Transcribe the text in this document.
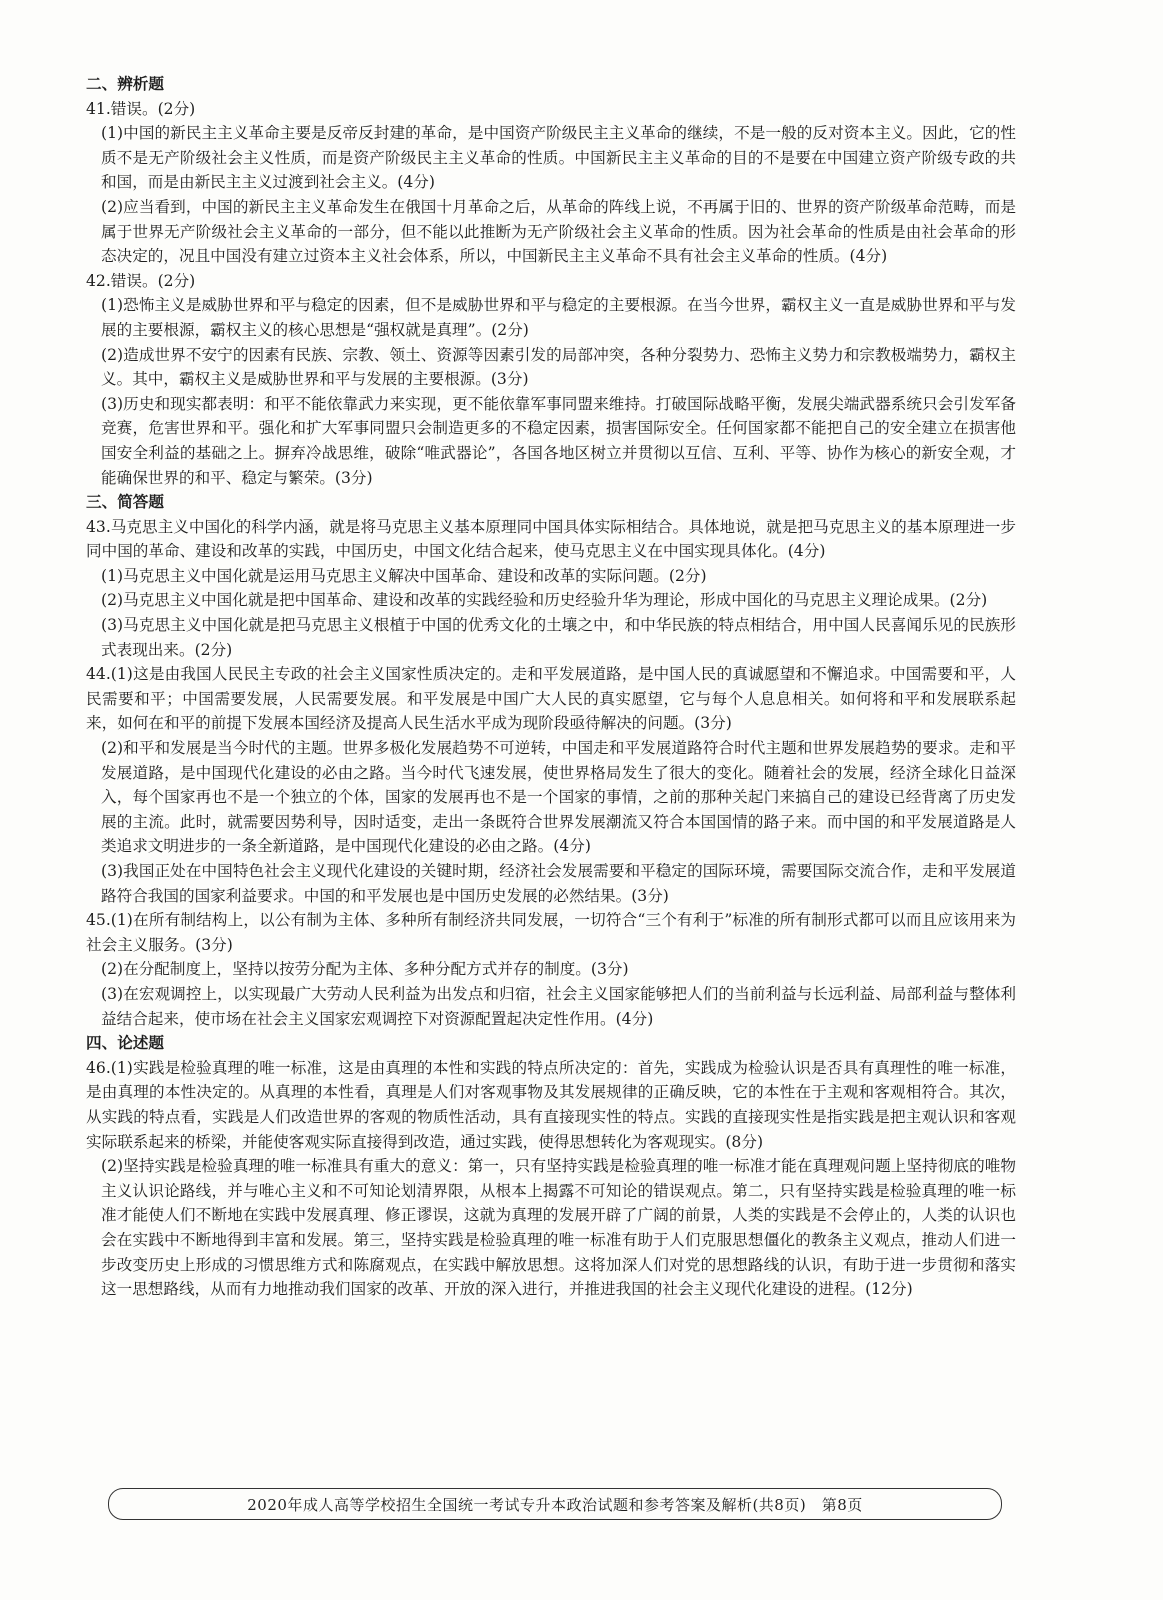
二、辨析题
41.错误。(2分)
(1)中国的新民主主义革命主要是反帝反封建的革命，是中国资产阶级民主主义革命的继续，不是一般的反对资本主义。因此，它的性质不是无产阶级社会主义性质，而是资产阶级民主主义革命的性质。中国新民主主义革命的目的不是要在中国建立资产阶级专政的共和国，而是由新民主主义过渡到社会主义。(4分)
(2)应当看到，中国的新民主主义革命发生在俄国十月革命之后，从革命的阵线上说，不再属于旧的、世界的资产阶级革命范畴，而是属于世界无产阶级社会主义革命的一部分，但不能以此推断为无产阶级社会主义革命的性质。因为社会革命的性质是由社会革命的形态决定的，况且中国没有建立过资本主义社会体系，所以，中国新民主主义革命不具有社会主义革命的性质。(4分)
42.错误。(2分)
(1)恐怖主义是威胁世界和平与稳定的因素，但不是威胁世界和平与稳定的主要根源。在当今世界，霸权主义一直是威胁世界和平与发展的主要根源，霸权主义的核心思想是“强权就是真理”。(2分)
(2)造成世界不安宁的因素有民族、宗教、领土、资源等因素引发的局部冲突，各种分裂势力、恐怖主义势力和宗教极端势力，霸权主义。其中，霸权主义是威胁世界和平与发展的主要根源。(3分)
(3)历史和现实都表明：和平不能依靠武力来实现，更不能依靠军事同盟来维持。打破国际战略平衡，发展尖端武器系统只会引发军备竞赛，危害世界和平。强化和扩大军事同盟只会制造更多的不稳定因素，损害国际安全。任何国家都不能把自己的安全建立在损害他国安全利益的基础之上。摒弃冷战思维，破除“唯武器论”，各国各地区树立并贯彻以互信、互利、平等、协作为核心的新安全观，才能确保世界的和平、稳定与繁荣。(3分)
三、简答题
43.马克思主义中国化的科学内涵，就是将马克思主义基本原理同中国具体实际相结合。具体地说，就是把马克思主义的基本原理进一步同中国的革命、建设和改革的实践，中国历史，中国文化结合起来，使马克思主义在中国实现具体化。(4分)
(1)马克思主义中国化就是运用马克思主义解决中国革命、建设和改革的实际问题。(2分)
(2)马克思主义中国化就是把中国革命、建设和改革的实践经验和历史经验升华为理论，形成中国化的马克思主义理论成果。(2分)
(3)马克思主义中国化就是把马克思主义根植于中国的优秀文化的土壤之中，和中华民族的特点相结合，用中国人民喜闻乐见的民族形式表现出来。(2分)
44.(1)这是由我国人民民主专政的社会主义国家性质决定的。走和平发展道路，是中国人民的真诚愿望和不懈追求。中国需要和平，人民需要和平；中国需要发展，人民需要发展。和平发展是中国广大人民的真实愿望，它与每个人息息相关。如何将和平和发展联系起来，如何在和平的前提下发展本国经济及提高人民生活水平成为现阶段亟待解决的问题。(3分)
(2)和平和发展是当今时代的主题。世界多极化发展趋势不可逆转，中国走和平发展道路符合时代主题和世界发展趋势的要求。走和平发展道路，是中国现代化建设的必由之路。当今时代飞速发展，使世界格局发生了很大的变化。随着社会的发展，经济全球化日益深入，每个国家再也不是一个独立的个体，国家的发展再也不是一个国家的事情，之前的那种关起门来搞自己的建设已经背离了历史发展的主流。此时，就需要因势利导，因时适变，走出一条既符合世界发展潮流又符合本国国情的路子来。而中国的和平发展道路是人类追求文明进步的一条全新道路，是中国现代化建设的必由之路。(4分)
(3)我国正处在中国特色社会主义现代化建设的关键时期，经济社会发展需要和平稳定的国际环境，需要国际交流合作，走和平发展道路符合我国的国家利益要求。中国的和平发展也是中国历史发展的必然结果。(3分)
45.(1)在所有制结构上，以公有制为主体、多种所有制经济共同发展，一切符合“三个有利于”标准的所有制形式都可以而且应该用来为社会主义服务。(3分)
(2)在分配制度上，坚持以按劳分配为主体、多种分配方式并存的制度。(3分)
(3)在宏观调控上，以实现最广大劳动人民利益为出发点和归宿，社会主义国家能够把人们的当前利益与长远利益、局部利益与整体利益结合起来，使市场在社会主义国家宏观调控下对资源配置起决定性作用。(4分)
四、论述题
46.(1)实践是检验真理的唯一标准，这是由真理的本性和实践的特点所决定的：首先，实践成为检验认识是否具有真理性的唯一标准，是由真理的本性决定的。从真理的本性看，真理是人们对客观事物及其发展规律的正确反映，它的本性在于主观和客观相符合。其次，从实践的特点看，实践是人们改造世界的客观的物质性活动，具有直接现实性的特点。实践的直接现实性是指实践是把主观认识和客观实际联系起来的桥梁，并能使客观实际直接得到改造，通过实践，使得思想转化为客观现实。(8分)
(2)坚持实践是检验真理的唯一标准具有重大的意义：第一，只有坚持实践是检验真理的唯一标准才能在真理观问题上坚持彻底的唯物主义认识论路线，并与唯心主义和不可知论划清界限，从根本上揭露不可知论的错误观点。第二，只有坚持实践是检验真理的唯一标准才能使人们不断地在实践中发展真理、修正谬误，这就为真理的发展开辟了广阔的前景，人类的实践是不会停止的，人类的认识也会在实践中不断地得到丰富和发展。第三，坚持实践是检验真理的唯一标准有助于人们克服思想僵化的教条主义观点，推动人们进一步改变历史上形成的习惯思维方式和陈腐观点，在实践中解放思想。这将加深人们对党的思想路线的认识，有助于进一步贯彻和落实这一思想路线，从而有力地推动我们国家的改革、开放的深入进行，并推进我国的社会主义现代化建设的进程。(12分)
2020年成人高等学校招生全国统一考试专升本政治试题和参考答案及解析(共8页)　第8页
